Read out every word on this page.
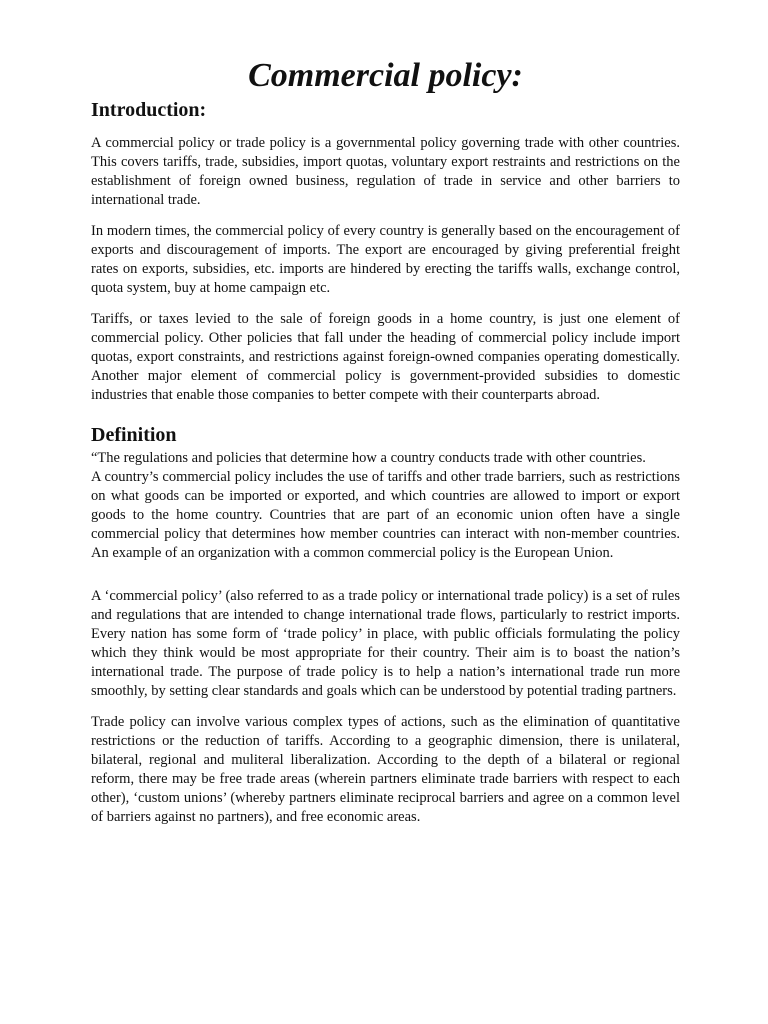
Commercial policy:
Introduction:

A commercial policy or trade policy is a governmental policy governing trade with other countries. This covers tariffs, trade, subsidies, import quotas, voluntary export restraints and restrictions on the establishment of foreign owned business, regulation of trade in service and other barriers to international trade.

In modern times, the commercial policy of every country is generally based on the encouragement of exports and discouragement of imports. The export are encouraged by giving preferential freight rates on exports, subsidies, etc. imports are hindered by erecting the tariffs walls, exchange control, quota system, buy at home campaign etc.

Tariffs, or taxes levied to the sale of foreign goods in a home country, is just one element of commercial policy. Other policies that fall under the heading of commercial policy include import quotas, export constraints, and restrictions against foreign-owned companies operating domestically. Another major element of commercial policy is government-provided subsidies to domestic industries that enable those companies to better compete with their counterparts abroad.

Definition

“The regulations and policies that determine how a country conducts trade with other countries.

A country’s commercial policy includes the use of tariffs and other trade barriers, such as restrictions on what goods can be imported or exported, and which countries are allowed to import or export goods to the home country. Countries that are part of an economic union often have a single commercial policy that determines how member countries can interact with non-member countries. An example of an organization with a common commercial policy is the European Union.

A ‘commercial policy’ (also referred to as a trade policy or international trade policy) is a set of rules and regulations that are intended to change international trade flows, particularly to restrict imports. Every nation has some form of ‘trade policy’ in place, with public officials formulating the policy which they think would be most appropriate for their country. Their aim is to boast the nation’s international trade. The purpose of trade policy is to help a nation’s international trade run more smoothly, by setting clear standards and goals which can be understood by potential trading partners.

Trade policy can involve various complex types of actions, such as the elimination of quantitative restrictions or the reduction of tariffs. According to a geographic dimension, there is unilateral, bilateral, regional and muliteral liberalization. According to the depth of a bilateral or regional reform, there may be free trade areas (wherein partners eliminate trade barriers with respect to each other), ‘custom unions’ (whereby partners eliminate reciprocal barriers and agree on a common level of barriers against no partners), and free economic areas.
